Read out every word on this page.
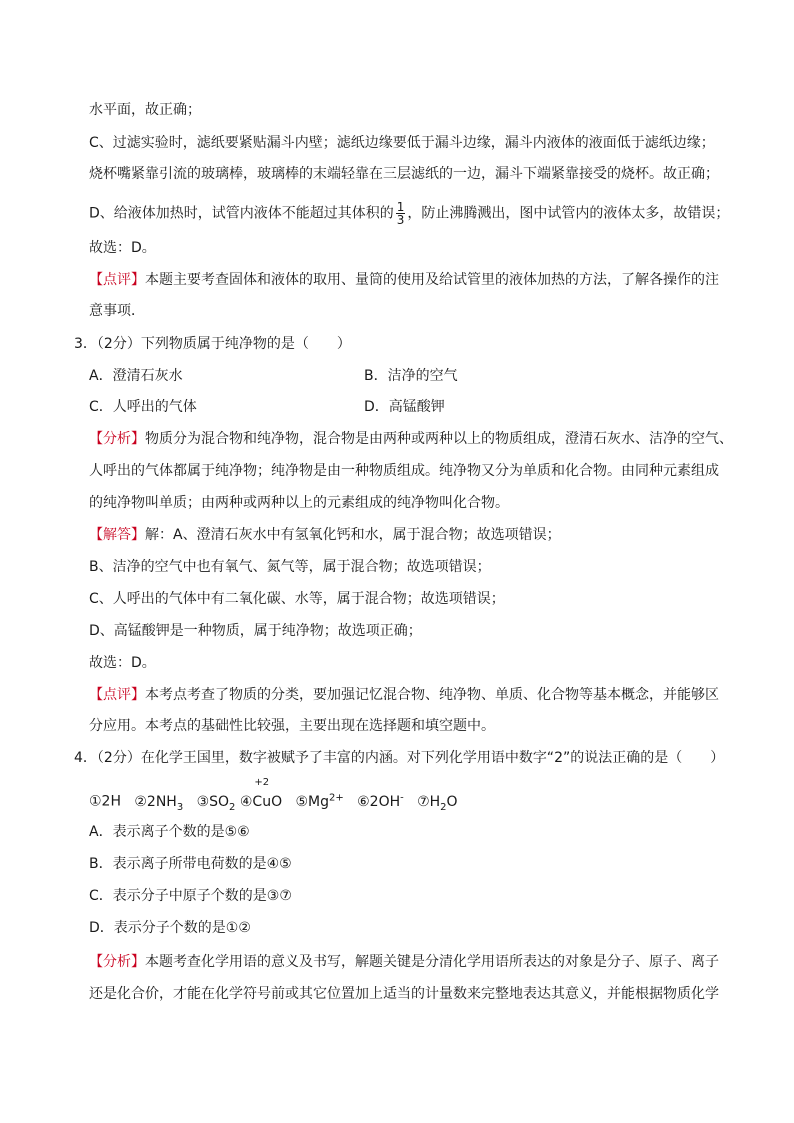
水平面，故正确；
C、过滤实验时，滤纸要紧贴漏斗内壁；滤纸边缘要低于漏斗边缘，漏斗内液体的液面低于滤纸边缘；
烧杯嘴紧靠引流的玻璃棒，玻璃棒的末端轻靠在三层滤纸的一边，漏斗下端紧靠接受的烧杯。故正确；
D、给液体加热时，试管内液体不能超过其体积的 $\frac{1}{3}$ ，防止沸腾溅出，图中试管内的液体太多，故错误；
故选：D。
【点评】本题主要考查固体和液体的取用、量筒的使用及给试管里的液体加热的方法，了解各操作的注
意事项．
3．（2分）下列物质属于纯净物的是（　　）
A．澄清石灰水	B．洁净的空气
C．人呼出的气体	D．高锰酸钾
【分析】物质分为混合物和纯净物，混合物是由两种或两种以上的物质组成，澄清石灰水、洁净的空气、
人呼出的气体都属于纯净物；纯净物是由一种物质组成。纯净物又分为单质和化合物。由同种元素组成
的纯净物叫单质；由两种或两种以上的元素组成的纯净物叫化合物。
【解答】解：A、澄清石灰水中有氢氧化钙和水，属于混合物；故选项错误；
B、洁净的空气中也有氧气、氮气等，属于混合物；故选项错误；
C、人呼出的气体中有二氧化碳、水等，属于混合物；故选项错误；
D、高锰酸钾是一种物质，属于纯净物；故选项正确；
故选：D。
【点评】本考点考查了物质的分类，要加强记忆混合物、纯净物、单质、化合物等基本概念，并能够区
分应用。本考点的基础性比较强，主要出现在选择题和填空题中。
4．（2分）在化学王国里，数字被赋予了丰富的内涵。对下列化学用语中数字“2”的说法正确的是（　　）
①2H $②2NH_3$ $③SO_2$ ④
+2
CuO $⑤Mg^{2+}$ ⑥2OH- $⑦H_2O$
A．表示离子个数的是⑤⑥
B．表示离子所带电荷数的是④⑤
C．表示分子中原子个数的是③⑦
D．表示分子个数的是①②
【分析】本题考查化学用语的意义及书写，解题关键是分清化学用语所表达的对象是分子、原子、离子
还是化合价，才能在化学符号前或其它位置加上适当的计量数来完整地表达其意义，并能根据物质化学
